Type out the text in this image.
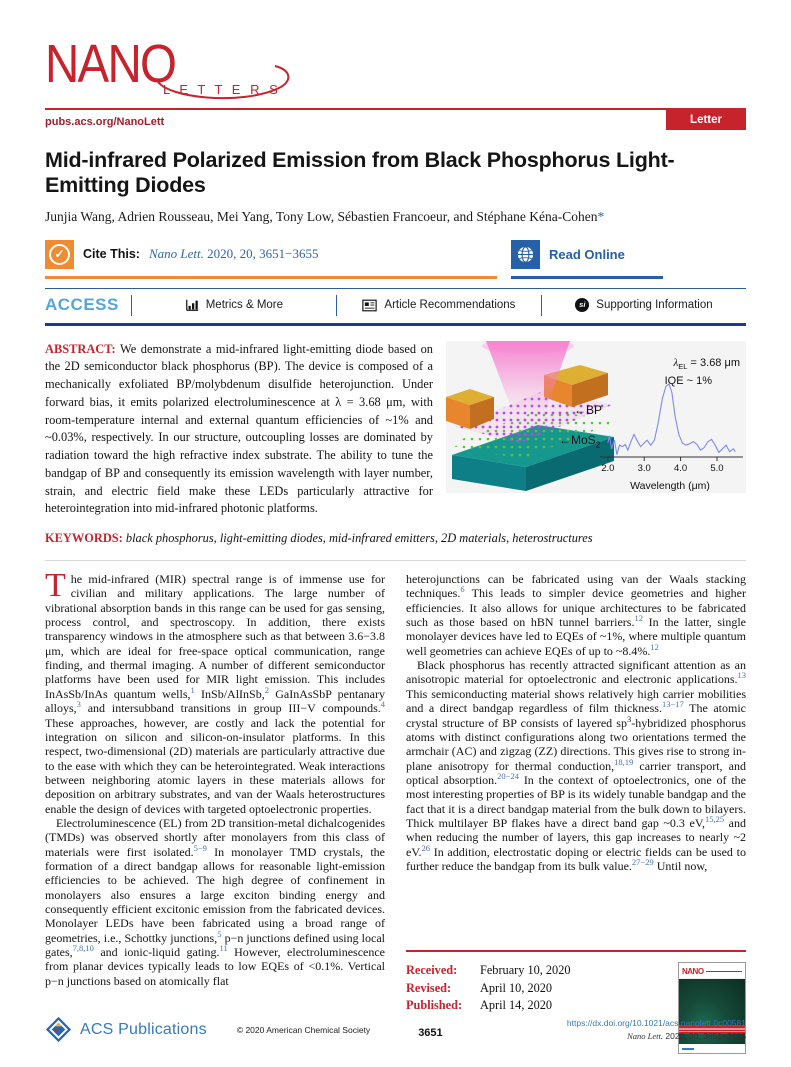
NANO
L E T T E R S
pubs.acs.org/NanoLett	Letter
Mid-infrared Polarized Emission from Black Phosphorus Light-Emitting Diodes
Junjia Wang, Adrien Rousseau, Mei Yang, Tony Low, Sébastien Francoeur, and Stéphane Kéna-Cohen*
✓	Cite This: Nano Lett. 2020, 20, 3651−3655	Read Online
ACCESS	Metrics & More	Article Recommendations	si Supporting Information
ABSTRACT: We demonstrate a mid-infrared light-emitting diode based on the 2D semiconductor black phosphorus (BP). The device is composed of a mechanically exfoliated BP/molybdenum disulfide heterojunction. Under forward bias, it emits polarized electroluminescence at λ = 3.68 μm, with room-temperature internal and external quantum efficiencies of ~1% and ~0.03%, respectively. In our structure, outcoupling losses are dominated by radiation toward the high refractive index substrate. The ability to tune the bandgap of BP and consequently its emission wavelength with layer number, strain, and electric field make these LEDs particularly attractive for heterointegration into mid-infrared photonic platforms.
←BP
←MoS$_2$
$\lambda_{EL} = 3.68$ μm
IQE ~ 1%
2.0 3.0 4.0 5.0
Wavelength (μm)
KEYWORDS: black phosphorus, light-emitting diodes, mid-infrared emitters, 2D materials, heterostructures

The mid-infrared (MIR) spectral range is of immense use for civilian and military applications. The large number of vibrational absorption bands in this range can be used for gas sensing, process control, and spectroscopy. In addition, there exists transparency windows in the atmosphere such as that between 3.6−3.8 μm, which are ideal for free-space optical communication, range finding, and thermal imaging. A number of different semiconductor platforms have been used for MIR light emission. This includes InAsSb/InAs quantum wells,$^1$ InSb/AlInSb,$^2$ GaInAsSbP pentanary alloys,$^3$ and intersubband transitions in group III−V compounds.$^4$ These approaches, however, are costly and lack the potential for integration on silicon and silicon-on-insulator platforms. In this respect, two-dimensional (2D) materials are particularly attractive due to the ease with which they can be heterointegrated. Weak interactions between neighboring atomic layers in these materials allows for deposition on arbitrary substrates, and van der Waals heterostructures enable the design of devices with targeted optoelectronic properties.

Electroluminescence (EL) from 2D transition-metal dichalcogenides (TMDs) was observed shortly after monolayers from this class of materials were first isolated.$^{5-9}$ In monolayer TMD crystals, the formation of a direct bandgap allows for reasonable light-emission efficiencies to be achieved. The high degree of confinement in monolayers also ensures a large exciton binding energy and consequently efficient excitonic emission from the fabricated devices. Monolayer LEDs have been fabricated using a broad range of geometries, i.e., Schottky junctions,$^5$ p−n junctions defined using local gates,$^{7,8,10}$ and ionic-liquid gating.$^{11}$ However, electroluminescence from planar devices typically leads to low EQEs of <0.1%. Vertical p−n junctions based on atomically flat

heterojunctions can be fabricated using van der Waals stacking techniques.$^6$ This leads to simpler device geometries and higher efficiencies. It also allows for unique architectures to be fabricated such as those based on hBN tunnel barriers.$^{12}$ In the latter, single monolayer devices have led to EQEs of ~1%, where multiple quantum well geometries can achieve EQEs of up to ~8.4%.$^{12}$

Black phosphorus has recently attracted significant attention as an anisotropic material for optoelectronic and electronic applications.$^{13}$ This semiconducting material shows relatively high carrier mobilities and a direct bandgap regardless of film thickness.$^{13-17}$ The atomic crystal structure of BP consists of layered $sp^3$-hybridized phosphorus atoms with distinct configurations along two orientations termed the armchair (AC) and zigzag (ZZ) directions. This gives rise to strong in-plane anisotropy for thermal conduction,$^{18,19}$ carrier transport, and optical absorption.$^{20-24}$ In the context of optoelectronics, one of the most interesting properties of BP is its widely tunable bandgap and the fact that it is a direct bandgap material from the bulk down to bilayers. Thick multilayer BP flakes have a direct band gap ~0.3 eV,$^{15,25}$ and when reducing the number of layers, this gap increases to nearly ~2 eV.$^{26}$ In addition, electrostatic doping or electric fields can be used to further reduce the bandgap from its bulk value.$^{27-29}$ Until now,

Received:	February 10, 2020
Revised:	April 10, 2020
Published:	April 14, 2020
NANO
ACS Publications	© 2020 American Chemical Society	3651
https://dx.doi.org/10.1021/acs.nanolett.0c00581
Nano Lett. 2020, 20, 3651−3655
